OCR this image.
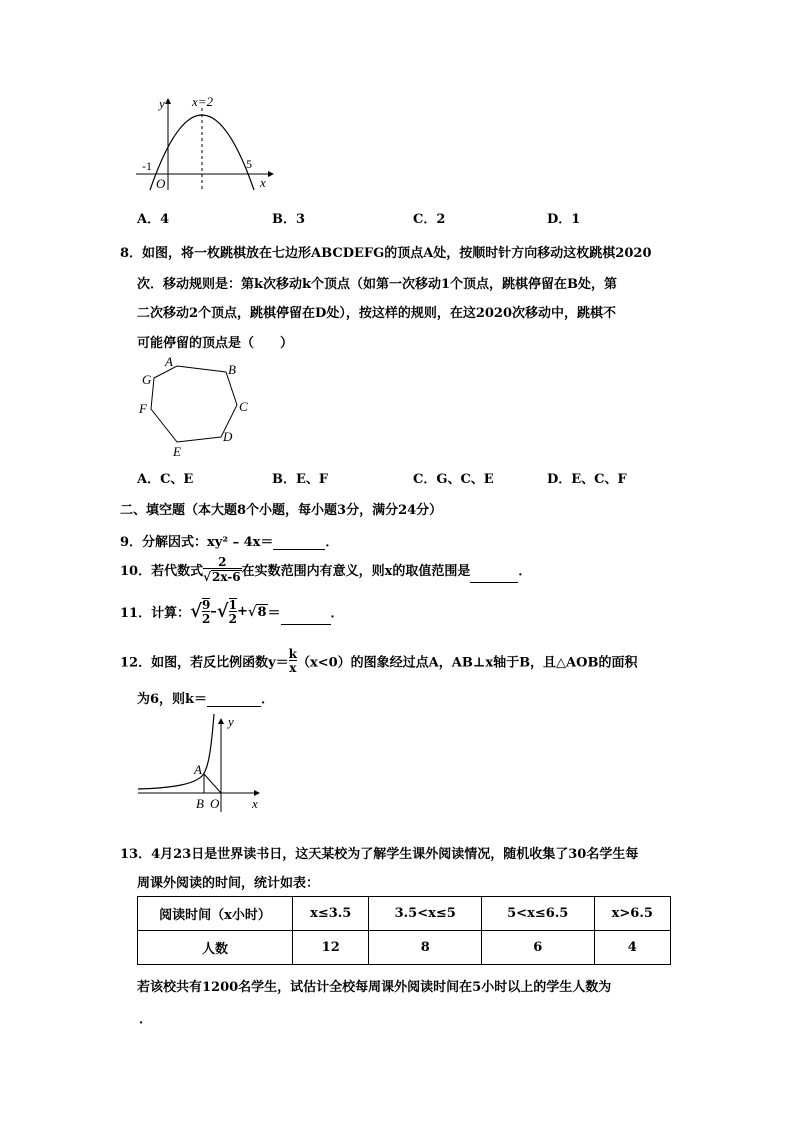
y
x
x=2
-1
O
5
A．4	B．3	C．2	D．1
8．如图，将一枚跳棋放在七边形ABCDEFG的顶点A处，按顺时针方向移动这枚跳棋2020
次．移动规则是：第k次移动k个顶点（如第一次移动1个顶点，跳棋停留在B处，第
二次移动2个顶点，跳棋停留在D处），按这样的规则，在这2020次移动中，跳棋不
可能停留的顶点是（　　）
A
B
C
D
E
F
G
A．C、E	B．E、F	C．G、C、E	D．E、C、F
二、填空题（本大题8个小题，每小题3分，满分24分）
9．分解因式：xy² – 4x＝	．
10．若代数式 $\frac{2}{√2x-6}$ 在实数范围内有意义，则x的取值范围是	．
11．计算：√ $\frac{9}{2}$ –√ $\frac{1}{2} +√8=$	．
12．如图，若反比例函数$y= \frac{k}{x} (x<0)$的图象经过点A，AB⊥x轴于B，且△AOB的面积
为6，则k＝	．
y
x
A
B O
13．4月23日是世界读书日，这天某校为了解学生课外阅读情况，随机收集了30名学生每
周课外阅读的时间，统计如表：
阅读时间（x小时）	x≤3.5	3.5<x≤5	5<x≤6.5	x>6.5
人数	12	8	6	4
若该校共有1200名学生，试估计全校每周课外阅读时间在5小时以上的学生人数为
．
